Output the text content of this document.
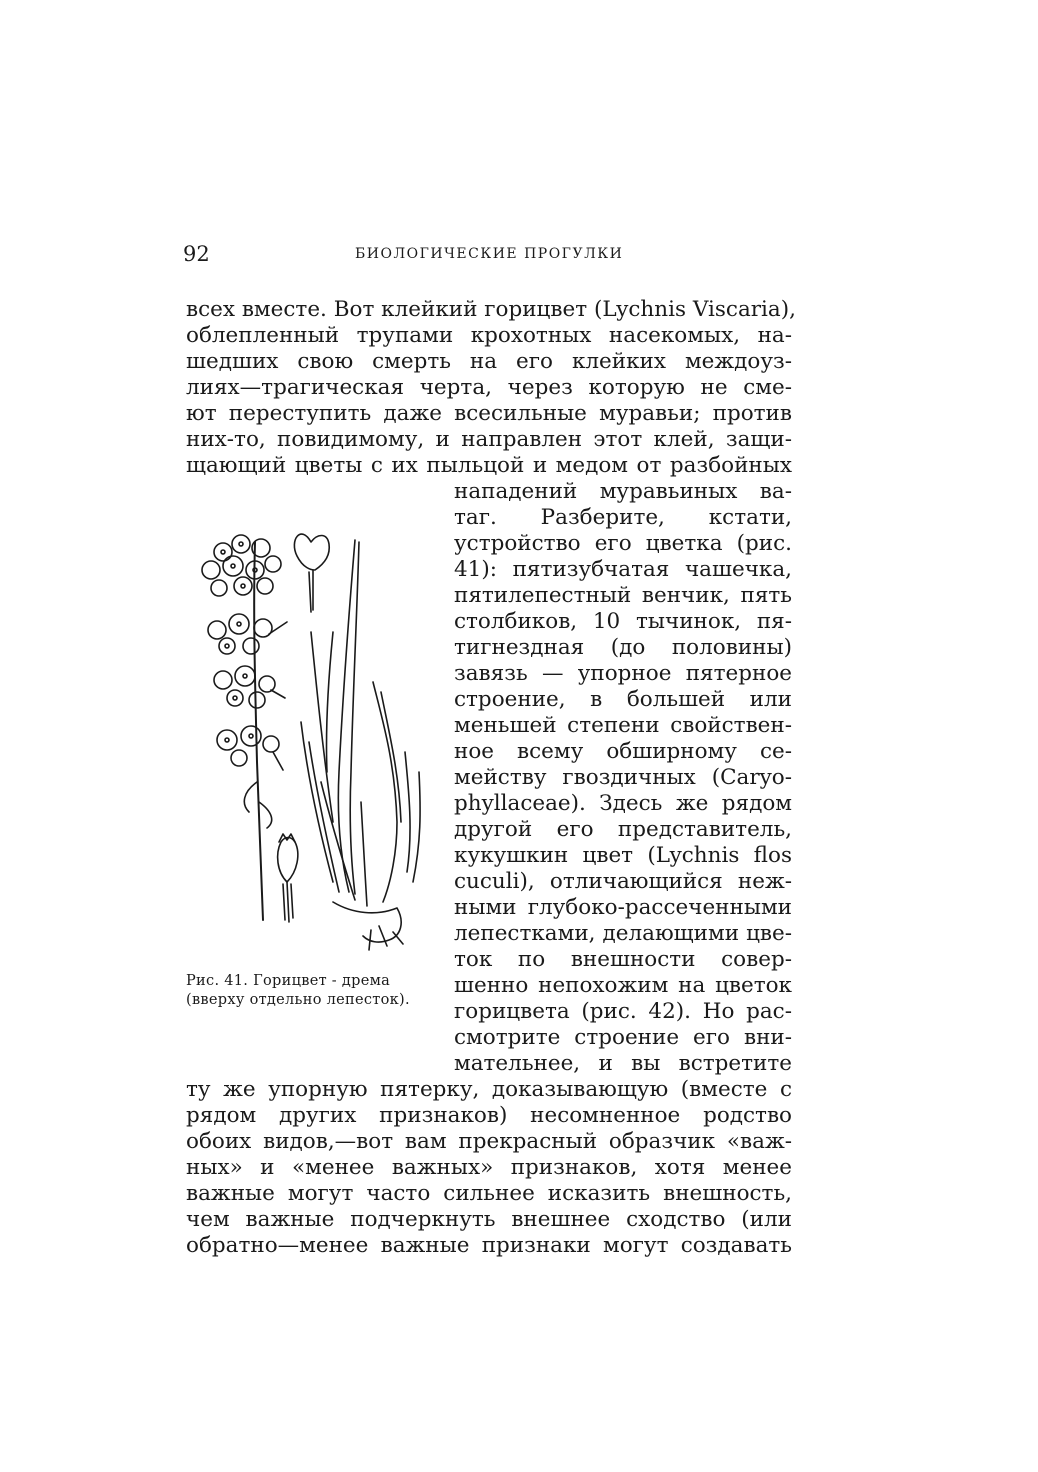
92	БИОЛОГИЧЕСКИЕ ПРОГУЛКИ
всех вместе. Вот клейкий горицвет (Lychnis Viscaria),
облепленный трупами крохотных насекомых, на-
шедших свою смерть на его клейких междоуз-
лиях—трагическая черта, через которую не сме-
ют переступить даже всесильные муравьи; против
них-то, повидимому, и направлен этот клей, защи-
щающий цветы с их пыльцой и медом от разбойных
нападений муравьиных ва-
таг. Разберите, кстати,
устройство его цветка (рис.
41): пятизубчатая чашечка,
пятилепестный венчик, пять
столбиков, 10 тычинок, пя-
тигнездная (до половины)
завязь — упорное пятерное
строение, в большей или
меньшей степени свойствен-
ное всему обширному се-
мейству гвоздичных (Caryo-
phyllaceae). Здесь же рядом
другой его представитель,
кукушкин цвет (Lychnis flos
cuculi), отличающийся неж-
ными глубоко-рассеченными
лепестками, делающими цве-
ток по внешности совер-
шенно непохожим на цветок
горицвета (рис. 42). Но рас-
смотрите строение его вни-
мательнее, и вы встретите
ту же упорную пятерку, доказывающую (вместе с
рядом других признаков) несомненное родство
обоих видов,—вот вам прекрасный образчик «важ-
ных» и «менее важных» признаков, хотя менее
важные могут часто сильнее исказить внешность,
чем важные подчеркнуть внешнее сходство (или
обратно—менее важные признаки могут создавать
Рис. 41. Горицвет - дрема
(вверху отдельно лепесток).
